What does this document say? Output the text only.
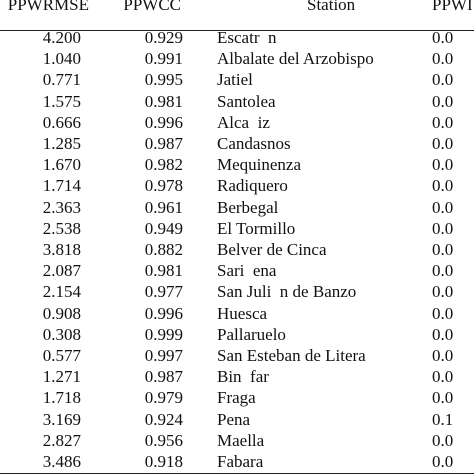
PPWRMSE PPWCC	Station	PPWI
4.200	0.929 Escatr  n	0.0
1.040	0.991 Albalate del Arzobispo	0.0
0.771	0.995 Jatiel	0.0
1.575	0.981 Santolea	0.0
0.666	0.996 Alca  iz	0.0
1.285	0.987 Candasnos	0.0
1.670	0.982 Mequinenza	0.0
1.714	0.978 Radiquero	0.0
2.363	0.961 Berbegal	0.0
2.538	0.949 El Tormillo	0.0
3.818	0.882 Belver de Cinca	0.0
2.087	0.981 Sari  ena	0.0
2.154	0.977 San Juli  n de Banzo	0.0
0.908	0.996 Huesca	0.0
0.308	0.999 Pallaruelo	0.0
0.577	0.997 San Esteban de Litera	0.0
1.271	0.987 Bin  far	0.0
1.718	0.979 Fraga	0.0
3.169	0.924 Pena	0.1
2.827	0.956 Maella	0.0
3.486	0.918 Fabara	0.0
